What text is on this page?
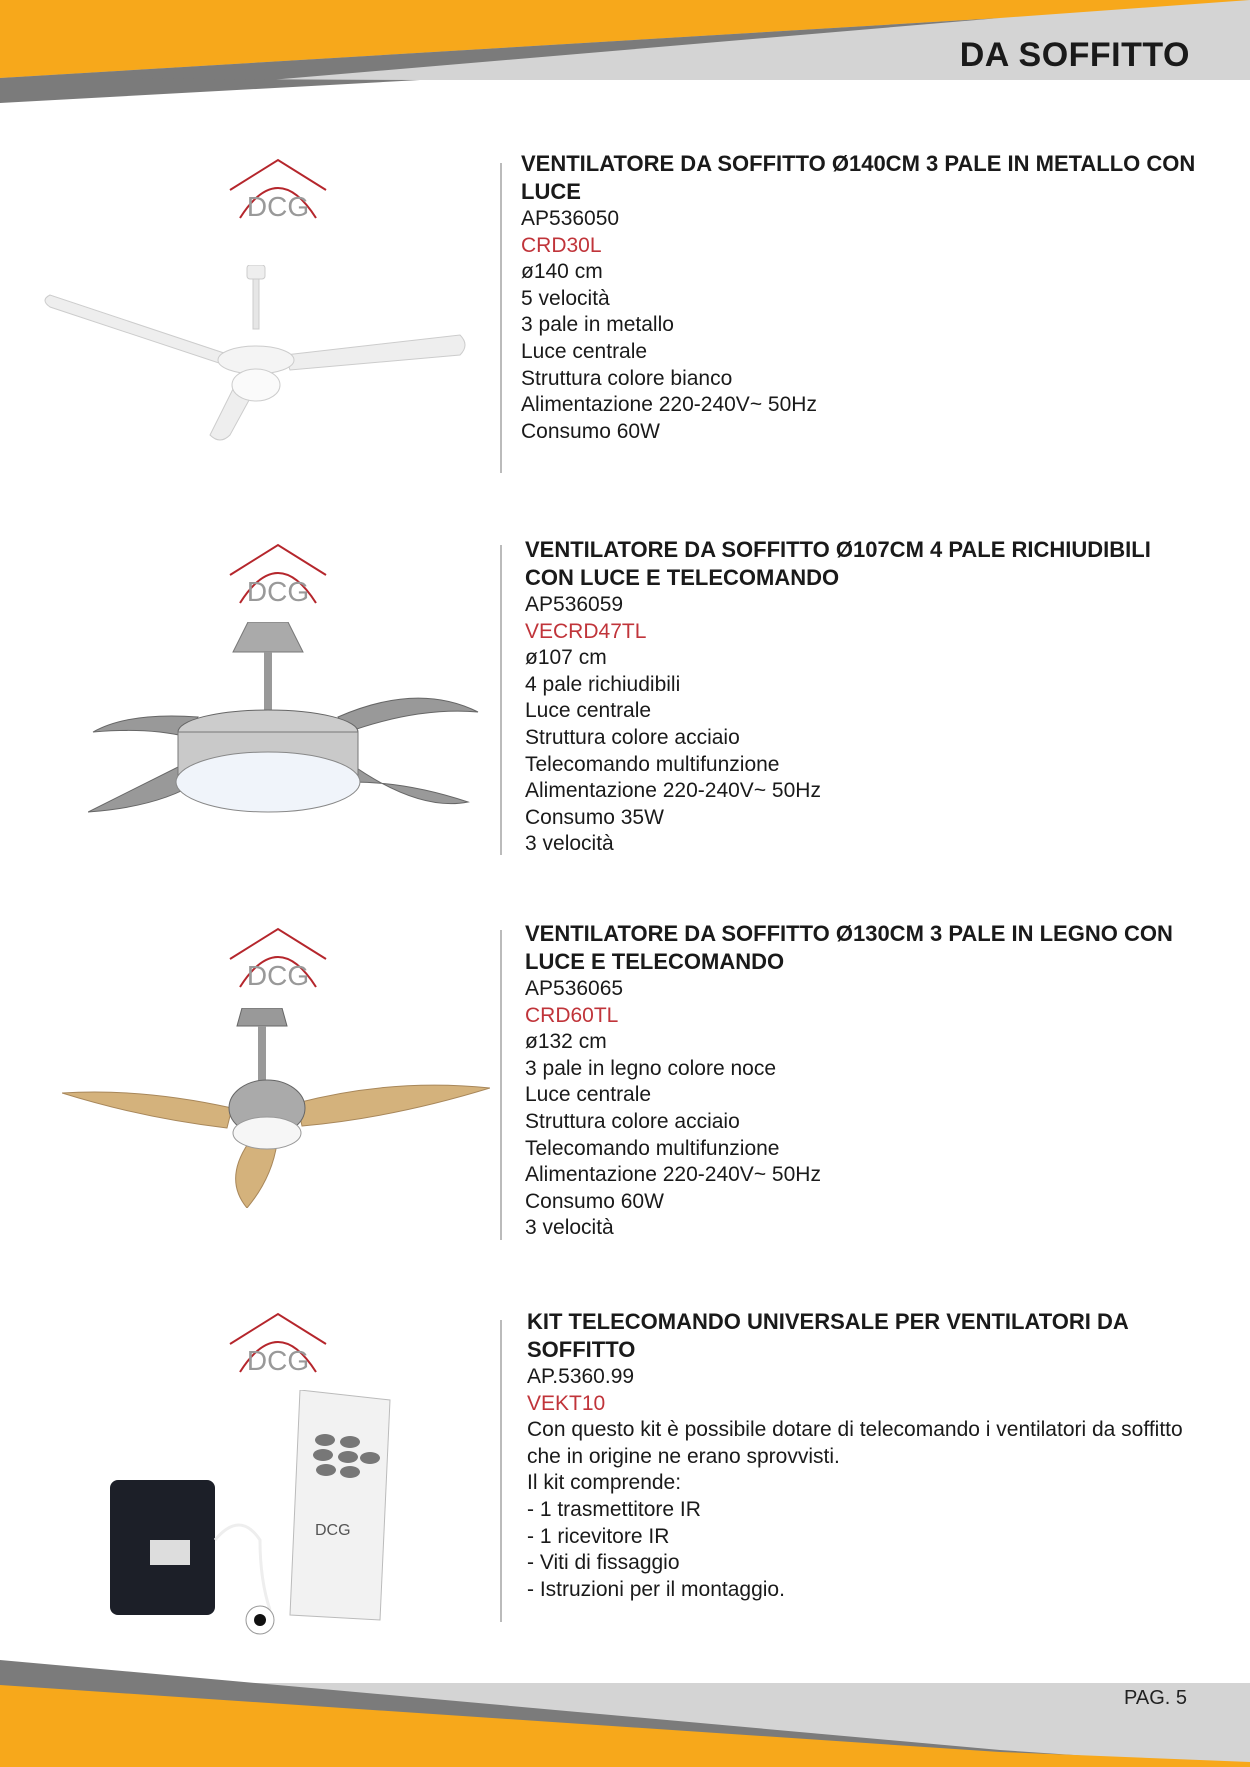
DA SOFFITTO
PAG. 5
DCG
VENTILATORE DA SOFFITTO Ø140CM 3 PALE IN METALLO CON LUCE
AP536050
CRD30L
ø140 cm
5 velocità
3 pale in metallo
Luce centrale
Struttura colore bianco
Alimentazione 220-240V~ 50Hz
Consumo 60W
DCG
VENTILATORE DA SOFFITTO Ø107CM 4 PALE RICHIUDIBILI CON LUCE E TELECOMANDO
AP536059
VECRD47TL
ø107 cm
4 pale richiudibili
Luce centrale
Struttura colore acciaio
Telecomando multifunzione
Alimentazione 220-240V~ 50Hz
Consumo 35W
3 velocità
DCG
VENTILATORE DA SOFFITTO Ø130CM 3 PALE IN LEGNO CON LUCE E TELECOMANDO
AP536065
CRD60TL
ø132 cm
3 pale in legno colore noce
Luce centrale
Struttura colore acciaio
Telecomando multifunzione
Alimentazione 220-240V~ 50Hz
Consumo 60W
3 velocità
DCG
DCG
KIT TELECOMANDO UNIVERSALE PER VENTILATORI DA SOFFITTO
AP.5360.99
VEKT10
Con questo kit è possibile dotare di telecomando i ventilatori da soffitto che in origine ne erano sprovvisti.
Il kit comprende:
- 1 trasmettitore IR
- 1 ricevitore IR
- Viti di fissaggio
- Istruzioni per il montaggio.
